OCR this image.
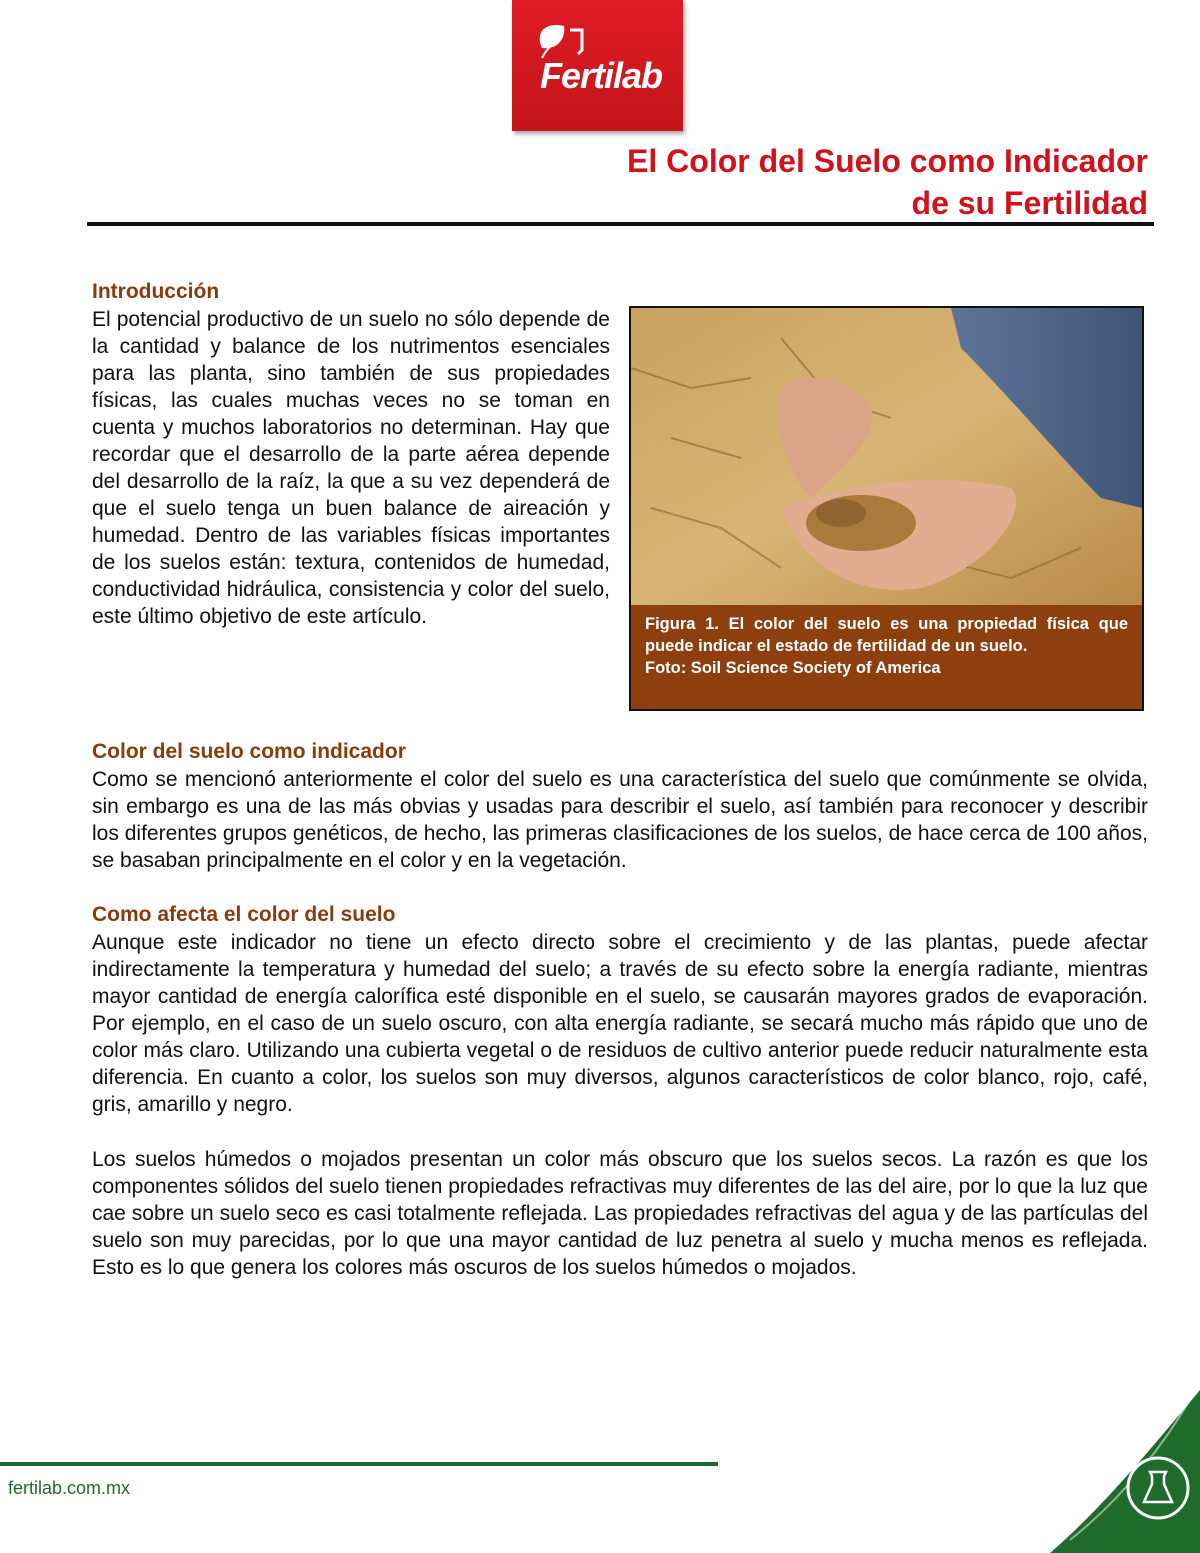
Fertilab
El Color del Suelo como Indicador
de su Fertilidad
Introducción
El potencial productivo de un suelo no sólo depende de la cantidad y balance de los nutrimentos esenciales para las planta, sino también de sus propiedades físicas, las cuales muchas veces no se toman en cuenta y muchos laboratorios no determinan. Hay que recordar que el desarrollo de la parte aérea depende del desarrollo de la raíz, la que a su vez dependerá de que el suelo tenga un buen balance de aireación y humedad. Dentro de las variables físicas importantes de los suelos están: textura, contenidos de humedad, conductividad hidráulica, consistencia y color del suelo, este último objetivo de este artículo.	Figura 1. El color del suelo es una propiedad física que puede indicar el estado de fertilidad de un suelo.
Foto: Soil Science Society of America
Color del suelo como indicador
Como se mencionó anteriormente el color del suelo es una característica del suelo que comúnmente se olvida, sin embargo es una de las más obvias y usadas para describir el suelo, así también para reconocer y describir los diferentes grupos genéticos, de hecho, las primeras clasificaciones de los suelos, de hace cerca de 100 años, se basaban principalmente en el color y en la vegetación.
Como afecta el color del suelo
Aunque este indicador no tiene un efecto directo sobre el crecimiento y de las plantas, puede afectar indirectamente la temperatura y humedad del suelo; a través de su efecto sobre la energía radiante, mientras mayor cantidad de energía calorífica esté disponible en el suelo, se causarán mayores grados de evaporación. Por ejemplo, en el caso de un suelo oscuro, con alta energía radiante, se secará mucho más rápido que uno de color más claro. Utilizando una cubierta vegetal o de residuos de cultivo anterior puede reducir naturalmente esta diferencia. En cuanto a color, los suelos son muy diversos, algunos característicos de color blanco, rojo, café, gris, amarillo y negro.
Los suelos húmedos o mojados presentan un color más obscuro que los suelos secos. La razón es que los componentes sólidos del suelo tienen propiedades refractivas muy diferentes de las del aire, por lo que la luz que cae sobre un suelo seco es casi totalmente reflejada. Las propiedades refractivas del agua y de las partículas del suelo son muy parecidas, por lo que una mayor cantidad de luz penetra al suelo y mucha menos es reflejada. Esto es lo que genera los colores más oscuros de los suelos húmedos o mojados.
fertilab.com.mx
